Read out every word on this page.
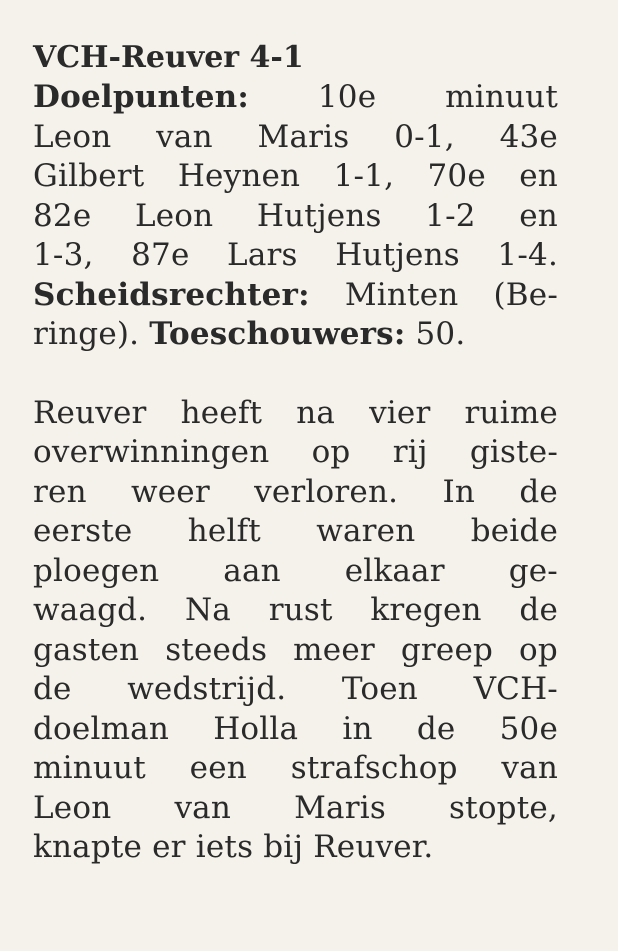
VCH-Reuver 4-1
Doelpunten: 10e minuut
Leon van Maris 0-1, 43e
Gilbert Heynen 1-1, 70e en
82e Leon Hutjens 1-2 en
1-3, 87e Lars Hutjens 1-4.
Scheidsrechter: Minten (Be-
ringe). Toeschouwers: 50.
Reuver heeft na vier ruime
overwinningen op rij giste-
ren weer verloren. In de
eerste helft waren beide
ploegen aan elkaar ge-
waagd. Na rust kregen de
gasten steeds meer greep op
de wedstrijd. Toen VCH-
doelman Holla in de 50e
minuut een strafschop van
Leon van Maris stopte,
knapte er iets bij Reuver.
